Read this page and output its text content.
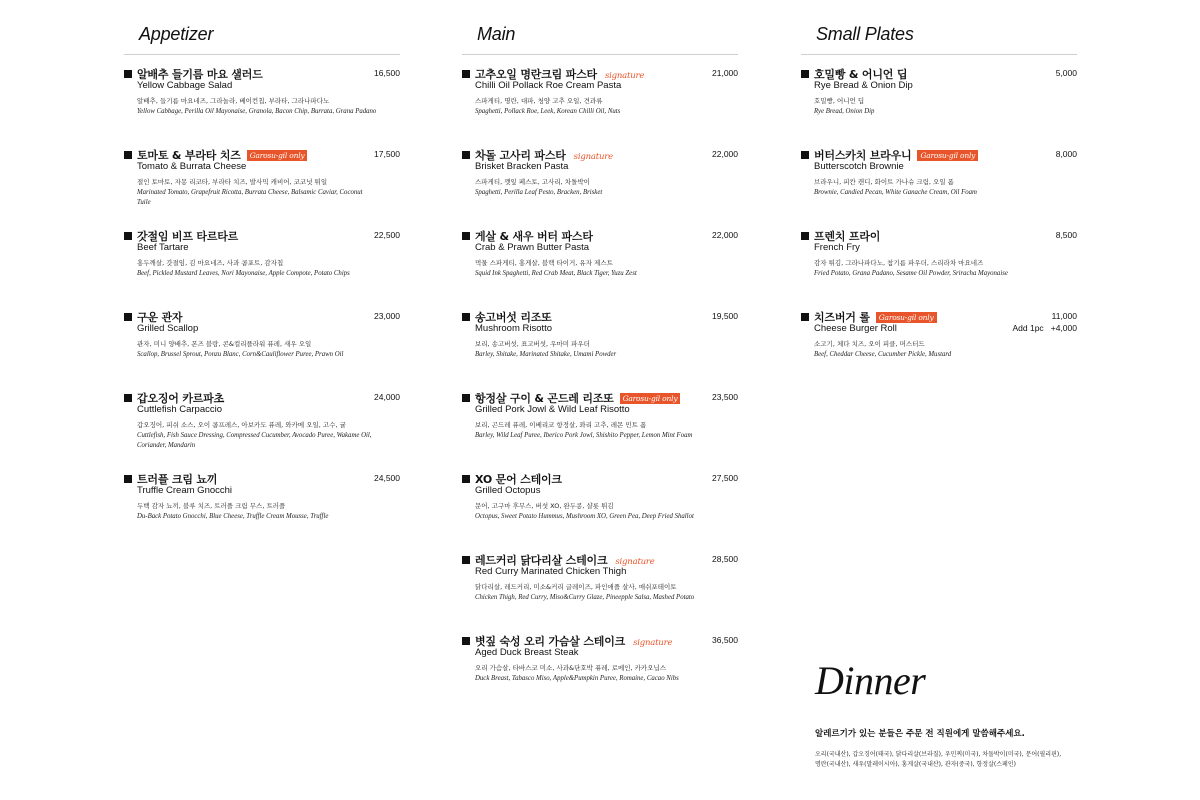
Appetizer
알배추 들기름 마요 샐러드
Yellow Cabbage Salad
16,500
알배추, 들기름 마요네즈, 그라놀라, 베이컨칩, 부라타, 그라나파다노
Yellow Cabbage, Perilla Oil Mayonaise, Granola, Bacon Chip, Burrata, Grana Padano
토마토 & 부라타 치즈 Garosu-gil only
Tomato & Burrata Cheese
17,500
절인 토마토, 자몽 리코타, 부라타 치즈, 발사믹 캐비어, 코코넛 튀일
Marinated Tomato, Grapefruit Ricotta, Burrata Cheese, Balsamic Caviar, Coconut Tuile
갓절임 비프 타르타르
Beef Tartare
22,500
홍두깨살, 갓절임, 김 마요네즈, 사과 콤포트, 감자칩
Beef, Pickled Mustard Leaves, Nori Mayonaise, Apple Compote, Potato Chips
구운 관자
Grilled Scallop
23,000
관자, 미니 양배추, 폰즈 블랑, 콘&컬리플라워 퓨레, 새우 오일
Scallop, Brussel Sprout, Ponzu Blanc, Corn&Cauliflower Puree, Prawn Oil
갑오징어 카르파초
Cuttlefish Carpaccio
24,000
갑오징어, 피쉬 소스, 오이 콤프레스, 아보카도 퓨레, 와카메 오일, 고수, 귤
Cuttlefish, Fish Sauce Dressing, Compressed Cucumber, Avocado Puree, Wakame Oil, Coriander, Mandarin
트러플 크림 뇨끼
Truffle Cream Gnocchi
24,500
두백 감자 뇨끼, 블루 치즈, 트러플 크림 무스, 트러플
Du-Back Potato Gnocchi, Blue Cheese, Truffle Cream Mousse, Truffle
Main
고추오일 명란크림 파스타 signature
Chilli Oil Pollack Roe Cream Pasta
21,000
스파게티, 명란, 대파, 청양 고추 오일, 견과류
Spaghetti, Pollack Roe, Leek, Korean Chilli Oil, Nuts
차돌 고사리 파스타 signature
Brisket Bracken Pasta
22,000
스파게티, 깻잎 페스토, 고사리, 차돌박이
Spaghetti, Perilla Leaf Pesto, Bracken, Brisket
게살 & 새우 버터 파스타
Crab & Prawn Butter Pasta
22,000
먹물 스파게티, 홍게살, 블랙 타이거, 유자 제스트
Squid Ink Spaghetti, Red Crab Meat, Black Tiger, Yuzu Zest
송고버섯 리조또
Mushroom Risotto
19,500
보리, 송고버섯, 표고버섯, 우마미 파우더
Barley, Shitake, Marinated Shitake, Umami Powder
항정살 구이 & 곤드레 리조또 Garosu-gil only
Grilled Pork Jowl & Wild Leaf Risotto
23,500
보리, 곤드레 퓨레, 이베리코 항정살, 꽈리 고추, 레몬 민트 폼
Barley, Wild Leaf Puree, Iberico Pork Jowl, Shishito Pepper, Lemon Mint Foam
XO 문어 스테이크
Grilled Octopus
27,500
문어, 고구마 후무스, 버섯 XO, 완두콩, 샬롯 튀김
Octopus, Sweet Potato Hummus, Mushroom XO, Green Pea, Deep Fried Shallot
레드커리 닭다리살 스테이크 signature
Red Curry Marinated Chicken Thigh
28,500
닭다리살, 레드커리, 미소&커리 글레이즈, 파인애플 살사, 매쉬포테이토
Chicken Thigh, Red Curry, Miso&Curry Glaze, Pineepple Salsa, Mashed Potato
볏짚 숙성 오리 가슴살 스테이크 signature
Aged Duck Breast Steak
36,500
오리 가슴살, 타바스코 미소, 사과&단호박 퓨레, 로메인, 카카오닙스
Duck Breast, Tabasco Miso, Apple&Pumpkin Puree, Romaine, Cacao Nibs
Small Plates
호밀빵 & 어니언 딥
Rye Bread & Onion Dip
5,000
호밀빵, 어니언 딥
Rye Bread, Onion Dip
버터스카치 브라우니 Garosu-gil only
Butterscotch Brownie
8,000
브라우니, 피칸 캔디, 화이트 가나슈 크림, 오일 폼
Brownie, Candied Pecan, White Ganache Cream, Oil Foam
프렌치 프라이
French Fry
8,500
감자 튀김, 그라나파다노, 참기름 파우더, 스리라차 마요네즈
Fried Potato, Grana Padano, Sesame Oil Powder, Sriracha Mayonaise
치즈버거 롤 Garosu-gil only
Cheese Burger Roll
11,000
Add 1pc   +4,000
소고기, 체다 치즈, 오이 피클, 머스터드
Beef, Cheddar Cheese, Cucumber Pickle, Mustard
Dinner
알레르기가 있는 분들은 주문 전 직원에게 말씀해주세요.
오리(국내산), 갑오징어(태국), 닭다리살(브라질), 우민찌(미국), 차돌박이(미국), 문어(필리핀),
명란(국내산), 새우(말레이시아), 홍게살(국내산), 관자(중국), 항정살(스페인)
